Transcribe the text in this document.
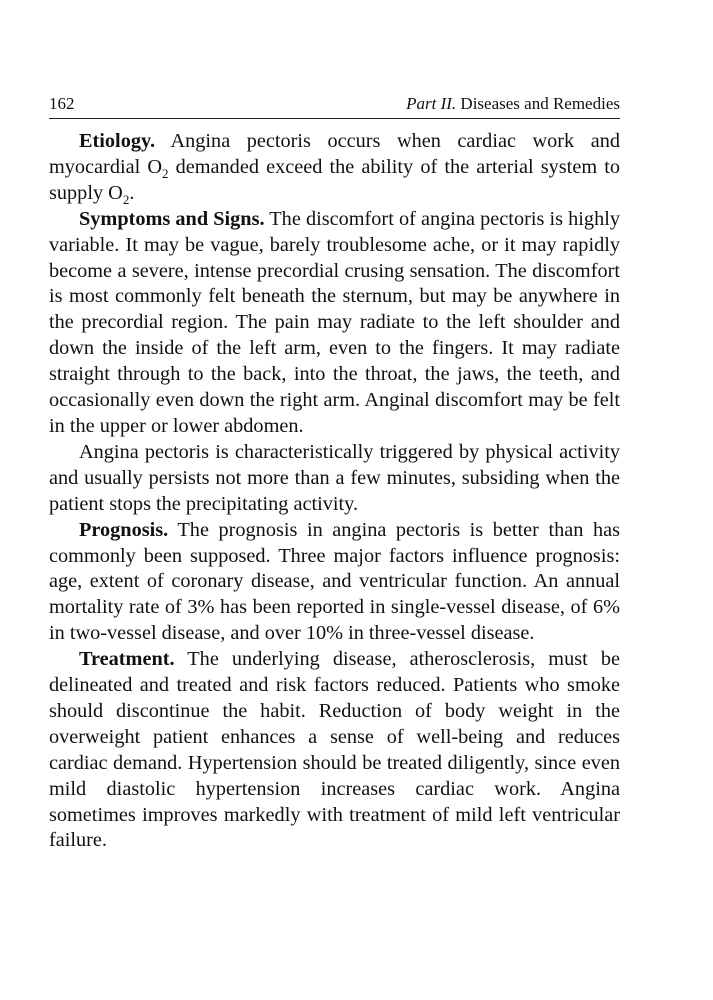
162	Part II. Diseases and Remedies

Etiology. Angina pectoris occurs when cardiac work and myocardial $O_2$ demanded exceed the ability of the arterial system to supply $O_2$.

Symptoms and Signs. The discomfort of angina pectoris is highly variable. It may be vague, barely troublesome ache, or it may rapidly become a severe, intense precordial crusing sensation. The discomfort is most commonly felt beneath the sternum, but may be anywhere in the precordial region. The pain may radiate to the left shoulder and down the inside of the left arm, even to the fingers. It may radiate straight through to the back, into the throat, the jaws, the teeth, and occasionally even down the right arm. Anginal discomfort may be felt in the upper or lower abdomen.

Angina pectoris is characteristically triggered by physical activity and usually persists not more than a few minutes, subsiding when the patient stops the precipitating activity.

Prognosis. The prognosis in angina pectoris is better than has commonly been supposed. Three major factors influence prognosis: age, extent of coronary disease, and ventricular function. An annual mortality rate of 3% has been reported in single-vessel disease, of 6% in two-vessel disease, and over 10% in three-vessel disease.

Treatment. The underlying disease, atherosclerosis, must be delineated and treated and risk factors reduced. Patients who smoke should discontinue the habit. Reduction of body weight in the overweight patient enhances a sense of well-being and reduces cardiac demand. Hypertension should be treated diligently, since even mild diastolic hypertension increases cardiac work. Angina sometimes improves markedly with treatment of mild left ventricular failure.
